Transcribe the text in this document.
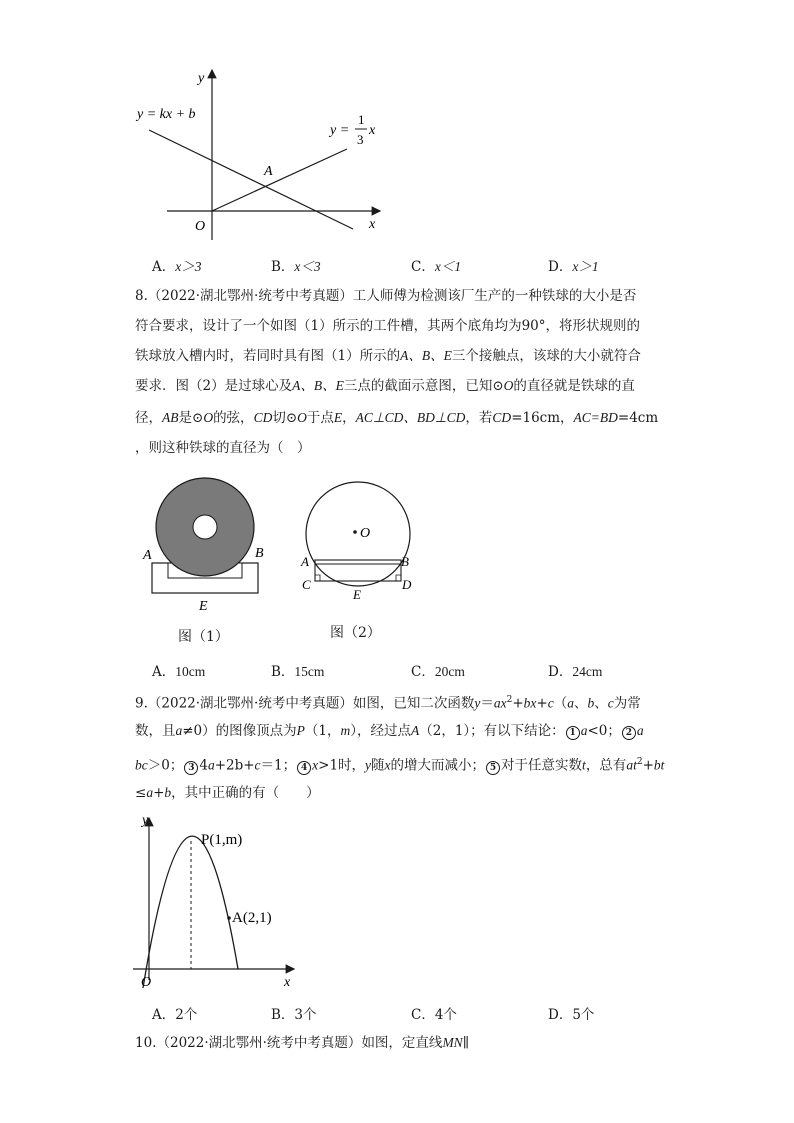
y
x
O
y = kx + b
y =
1
3
x
A
A．x＞3	B．x＜3	C．x＜1	D．x＞1
8.（2022·湖北鄂州·统考中考真题）工人师傅为检测该厂生产的一种铁球的大小是否
符合要求，设计了一个如图（1）所示的工件槽，其两个底角均为90°，将形状规则的
铁球放入槽内时，若同时具有图（1）所示的A、B、E三个接触点，该球的大小就符合
要求．图（2）是过球心及A、B、E三点的截面示意图，已知⊙O的直径就是铁球的直
径，AB是⊙O的弦，CD切⊙O于点E，AC⊥CD、BD⊥CD，若CD=16cm，AC=BD=4cm
，则这种铁球的直径为（　）
A	B
E
图（1）
O
A	B
C	D
E
图（2）
A．10cm	B．15cm	C．20cm	D．24cm
9.（2022·湖北鄂州·统考中考真题）如图，已知二次函数$y=ax^2+bx+c(a$、b、c为常
数，且a≠0）的图像顶点为P（1，m），经过点A（2，1）；有以下结论： 1 a<0； 2 a
bc＞0； 3 4a+2b+c＝1； 4 x>1时，y随x的增大而减小； 5 对于任意实数t，总有$at^2+bt$
≤a+b，其中正确的有（　　）
y
x
O
P(1,m)
A(2,1)
A．2个	B．3个	C．4个	D．5个
10.（2022·湖北鄂州·统考中考真题）如图，定直线MN∥
